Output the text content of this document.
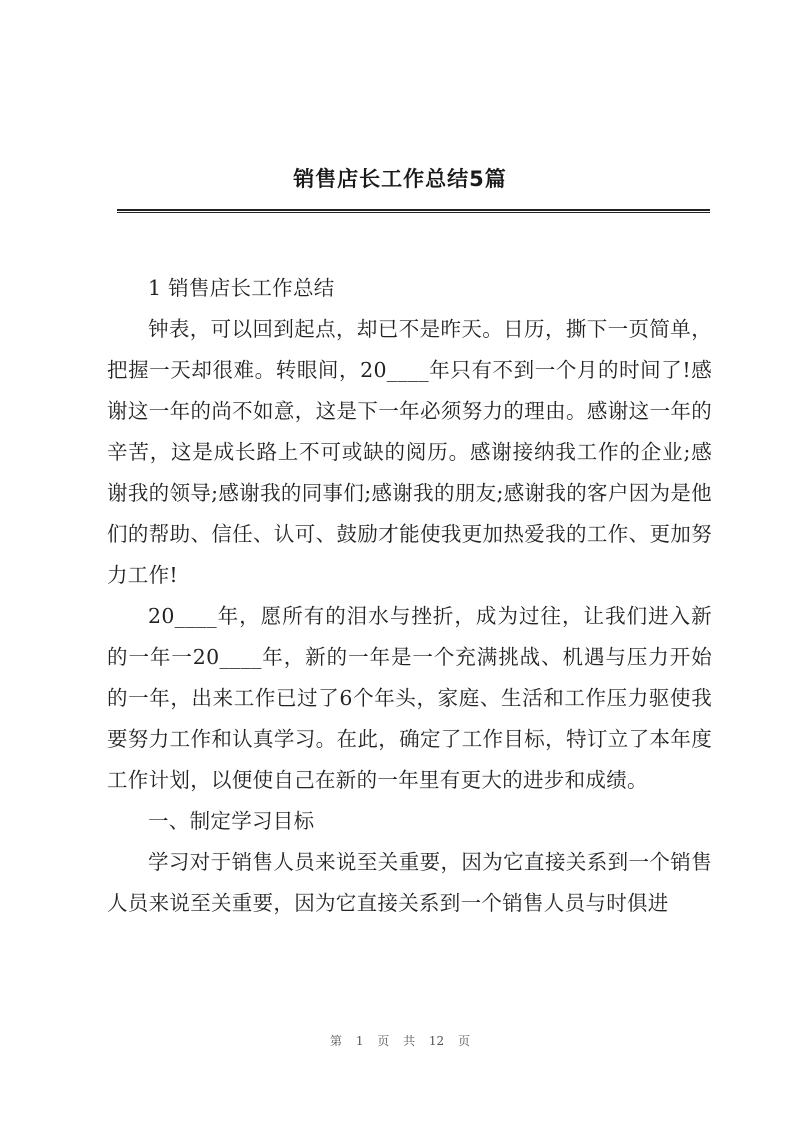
销售店长工作总结5篇

1 销售店长工作总结

钟表，可以回到起点，却已不是昨天。日历，撕下一页简单，把握一天却很难。转眼间，20____年只有不到一个月的时间了!感谢这一年的尚不如意，这是下一年必须努力的理由。感谢这一年的辛苦，这是成长路上不可或缺的阅历。感谢接纳我工作的企业;感谢我的领导;感谢我的同事们;感谢我的朋友;感谢我的客户因为是他们的帮助、信任、认可、鼓励才能使我更加热爱我的工作、更加努力工作!

20____年，愿所有的泪水与挫折，成为过往，让我们进入新的一年一20____年，新的一年是一个充满挑战、机遇与压力开始的一年，出来工作已过了6个年头，家庭、生活和工作压力驱使我要努力工作和认真学习。在此，确定了工作目标，特订立了本年度工作计划，以便使自己在新的一年里有更大的进步和成绩。

一、制定学习目标

学习对于销售人员来说至关重要，因为它直接关系到一个销售人员来说至关重要，因为它直接关系到一个销售人员与时俱进

第 1 页 共 12 页
